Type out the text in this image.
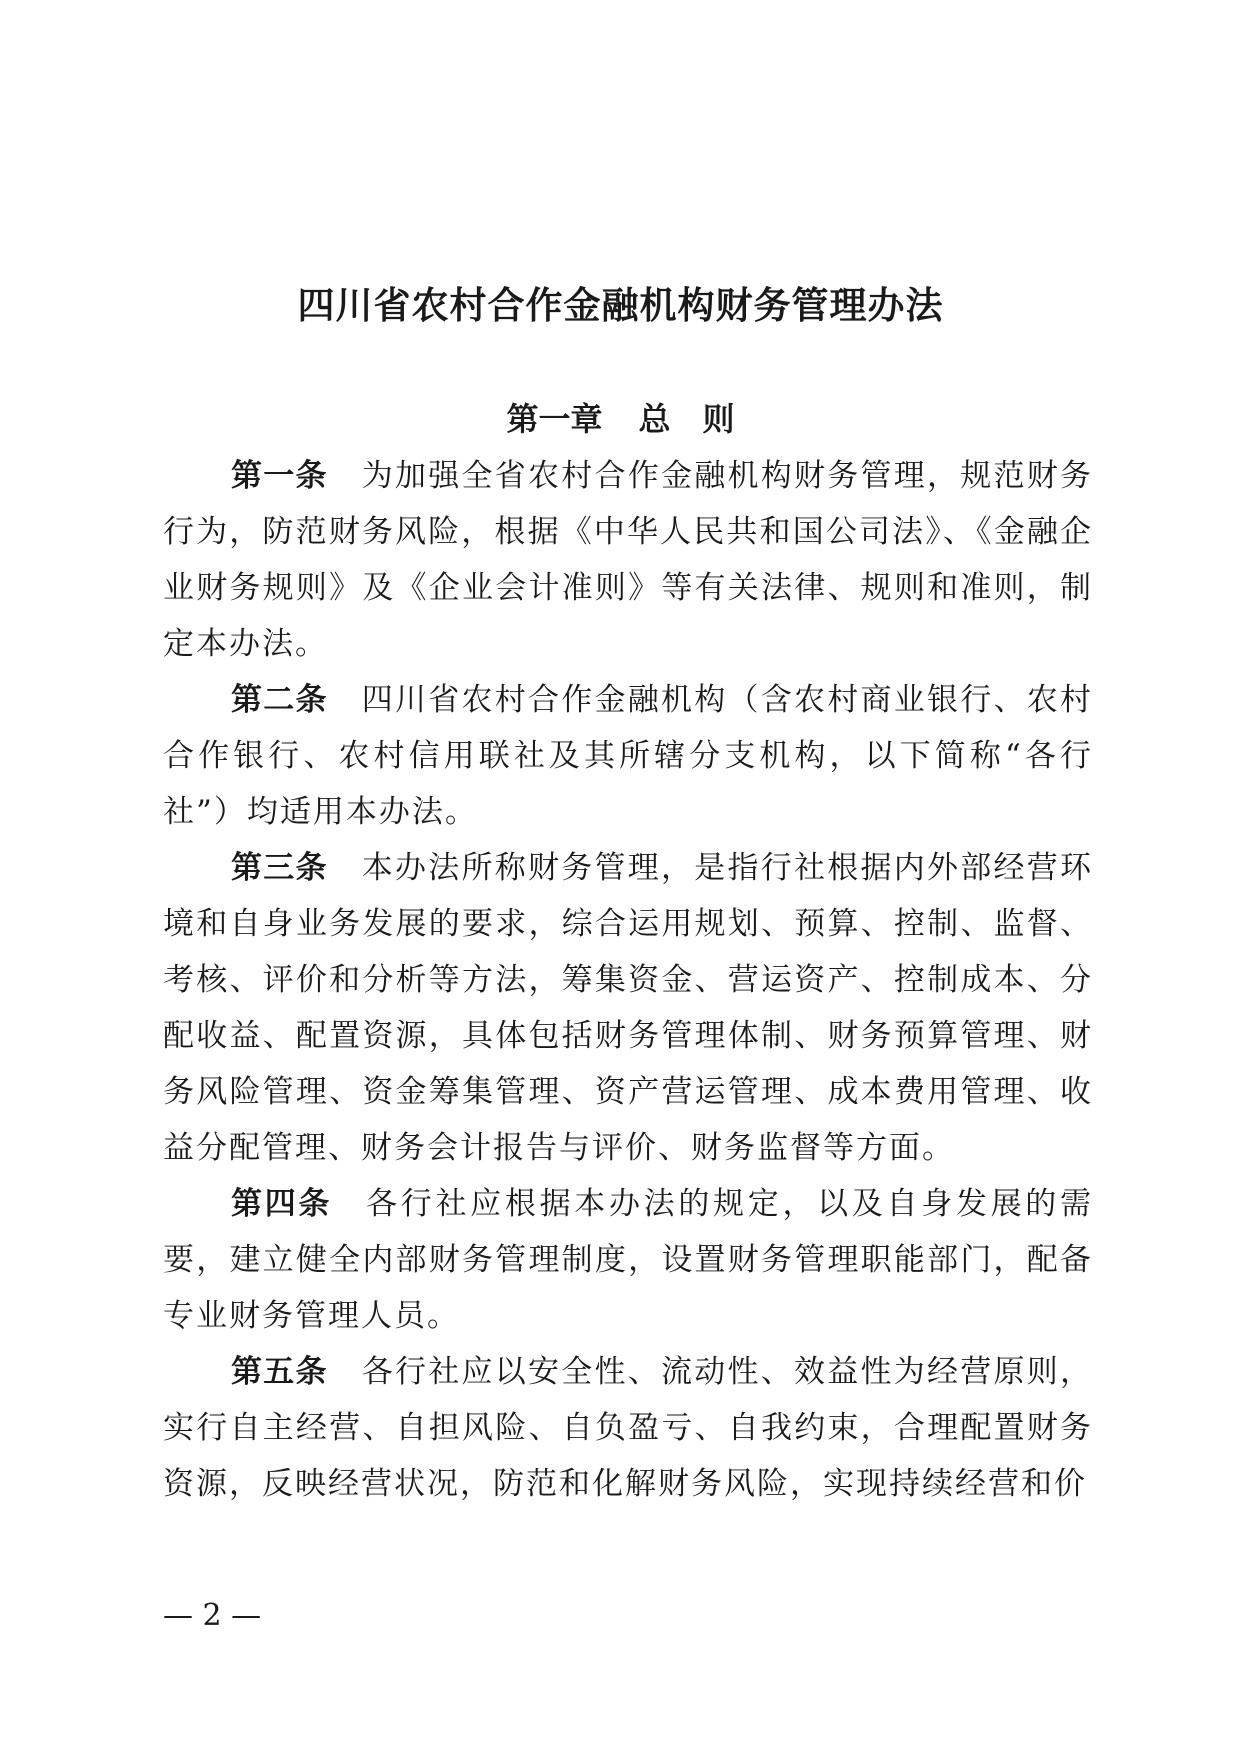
四川省农村合作金融机构财务管理办法
第一章 总 则

第一条 为加强全省农村合作金融机构财务管理，规范财务行为，防范财务风险，根据《中华人民共和国公司法》、《金融企业财务规则》及《企业会计准则》等有关法律、规则和准则，制定本办法。

第二条 四川省农村合作金融机构（含农村商业银行、农村合作银行、农村信用联社及其所辖分支机构，以下简称“各行社”）均适用本办法。

第三条 本办法所称财务管理，是指行社根据内外部经营环境和自身业务发展的要求，综合运用规划、预算、控制、监督、考核、评价和分析等方法，筹集资金、营运资产、控制成本、分配收益、配置资源，具体包括财务管理体制、财务预算管理、财务风险管理、资金筹集管理、资产营运管理、成本费用管理、收益分配管理、财务会计报告与评价、财务监督等方面。

第四条 各行社应根据本办法的规定，以及自身发展的需要，建立健全内部财务管理制度，设置财务管理职能部门，配备专业财务管理人员。

第五条 各行社应以安全性、流动性、效益性为经营原则，实行自主经营、自担风险、自负盈亏、自我约束，合理配置财务资源，反映经营状况，防范和化解财务风险，实现持续经营和价

— 2 —
